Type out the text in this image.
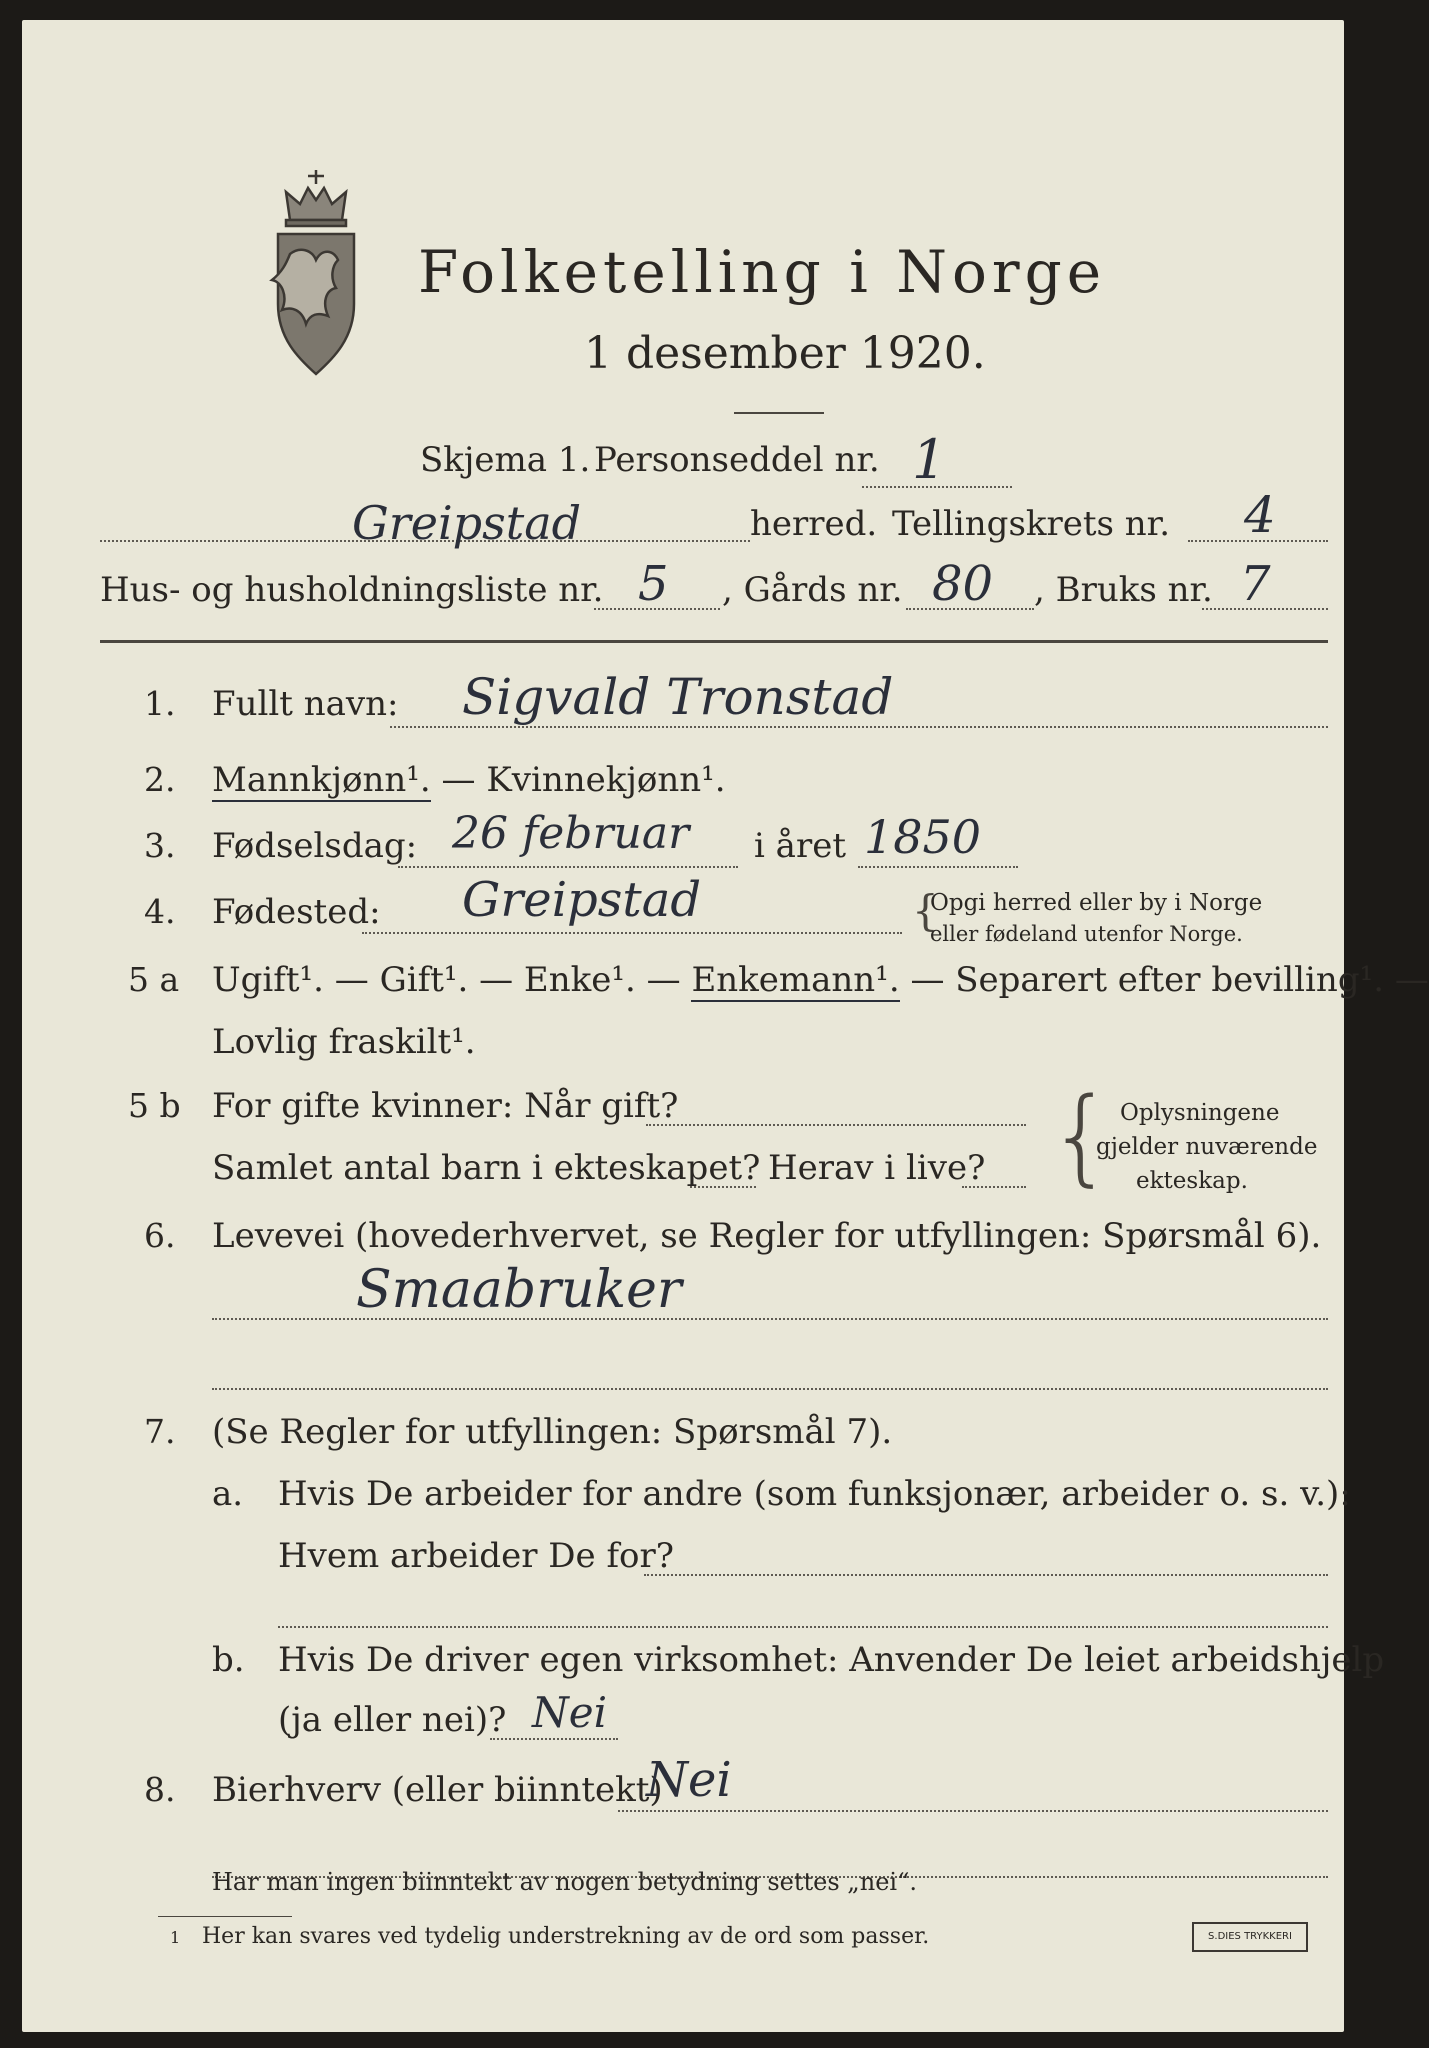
Folketelling i Norge
1 desember 1920.
Skjema 1. Personseddel nr. 1
Greipstad	herred. Tellingskrets nr. 4
Hus- og husholdningsliste nr. 5 , Gårds nr. 80 , Bruks nr. 7
1. Fullt navn: Sigvald Tronstad
2. Mannkjønn¹. — Kvinnekjønn¹.
3. Fødselsdag: 26 februar i året 1850
4. Fødested: Greipstad	{
Opgi herred eller by i Norge
eller fødeland utenfor Norge.
5 a Ugift¹. — Gift¹. — Enke¹. — Enkemann¹. — Separert efter bevilling¹. —
Lovlig fraskilt¹.
5 b For gifte kvinner: Når gift?
Samlet antal barn i ekteskapet? Herav i live? { Oplysningene
gjelder nuværende
ekteskap.
6. Levevei (hovederhvervet, se Regler for utfyllingen: Spørsmål 6).
Smaabruker
7. (Se Regler for utfyllingen: Spørsmål 7).
a. Hvis De arbeider for andre (som funksjonær, arbeider o. s. v.):
Hvem arbeider De for?
b. Hvis De driver egen virksomhet: Anvender De leiet arbeidshjelp
(ja eller nei)? Nei
8. Bierhverv (eller biinntekt)
Nei
Har man ingen biinntekt av nogen betydning settes „nei“.
1 Her kan svares ved tydelig understrekning av de ord som passer.	S.DIES TRYKKERI
